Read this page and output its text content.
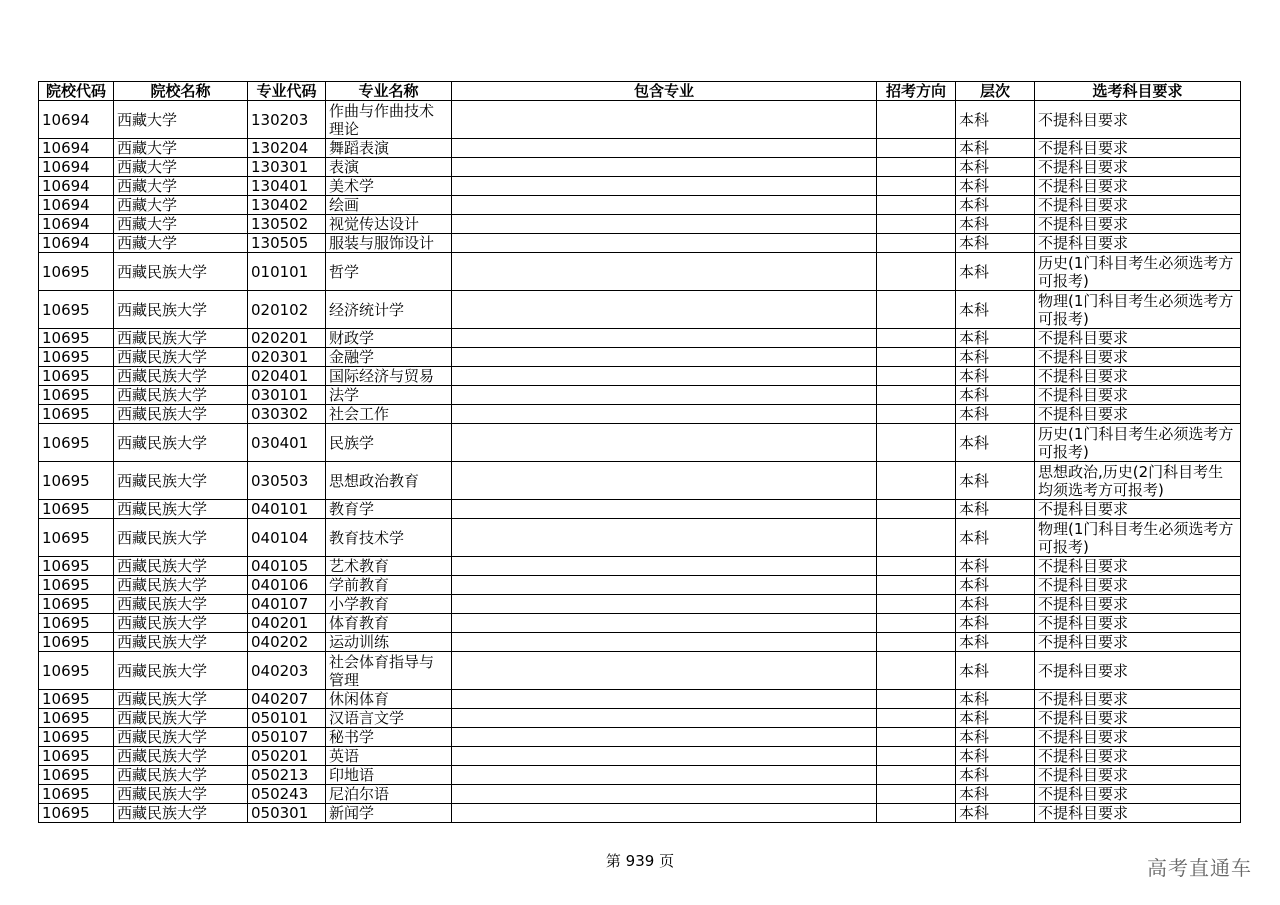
院校代码	院校名称	专业代码	专业名称	包含专业	招考方向	层次	选考科目要求
10694	西藏大学	130203	作曲与作曲技术理论			本科	不提科目要求
10694	西藏大学	130204	舞蹈表演			本科	不提科目要求
10694	西藏大学	130301	表演			本科	不提科目要求
10694	西藏大学	130401	美术学			本科	不提科目要求
10694	西藏大学	130402	绘画			本科	不提科目要求
10694	西藏大学	130502	视觉传达设计			本科	不提科目要求
10694	西藏大学	130505	服装与服饰设计			本科	不提科目要求
10695	西藏民族大学	010101	哲学			本科	历史(1门科目考生必须选考方可报考)
10695	西藏民族大学	020102	经济统计学			本科	物理(1门科目考生必须选考方可报考)
10695	西藏民族大学	020201	财政学			本科	不提科目要求
10695	西藏民族大学	020301	金融学			本科	不提科目要求
10695	西藏民族大学	020401	国际经济与贸易			本科	不提科目要求
10695	西藏民族大学	030101	法学			本科	不提科目要求
10695	西藏民族大学	030302	社会工作			本科	不提科目要求
10695	西藏民族大学	030401	民族学			本科	历史(1门科目考生必须选考方可报考)
10695	西藏民族大学	030503	思想政治教育			本科	思想政治,历史(2门科目考生均须选考方可报考)
10695	西藏民族大学	040101	教育学			本科	不提科目要求
10695	西藏民族大学	040104	教育技术学			本科	物理(1门科目考生必须选考方可报考)
10695	西藏民族大学	040105	艺术教育			本科	不提科目要求
10695	西藏民族大学	040106	学前教育			本科	不提科目要求
10695	西藏民族大学	040107	小学教育			本科	不提科目要求
10695	西藏民族大学	040201	体育教育			本科	不提科目要求
10695	西藏民族大学	040202	运动训练			本科	不提科目要求
10695	西藏民族大学	040203	社会体育指导与管理			本科	不提科目要求
10695	西藏民族大学	040207	休闲体育			本科	不提科目要求
10695	西藏民族大学	050101	汉语言文学			本科	不提科目要求
10695	西藏民族大学	050107	秘书学			本科	不提科目要求
10695	西藏民族大学	050201	英语			本科	不提科目要求
10695	西藏民族大学	050213	印地语			本科	不提科目要求
10695	西藏民族大学	050243	尼泊尔语			本科	不提科目要求
10695	西藏民族大学	050301	新闻学			本科	不提科目要求
第 939 页	高考直通车
